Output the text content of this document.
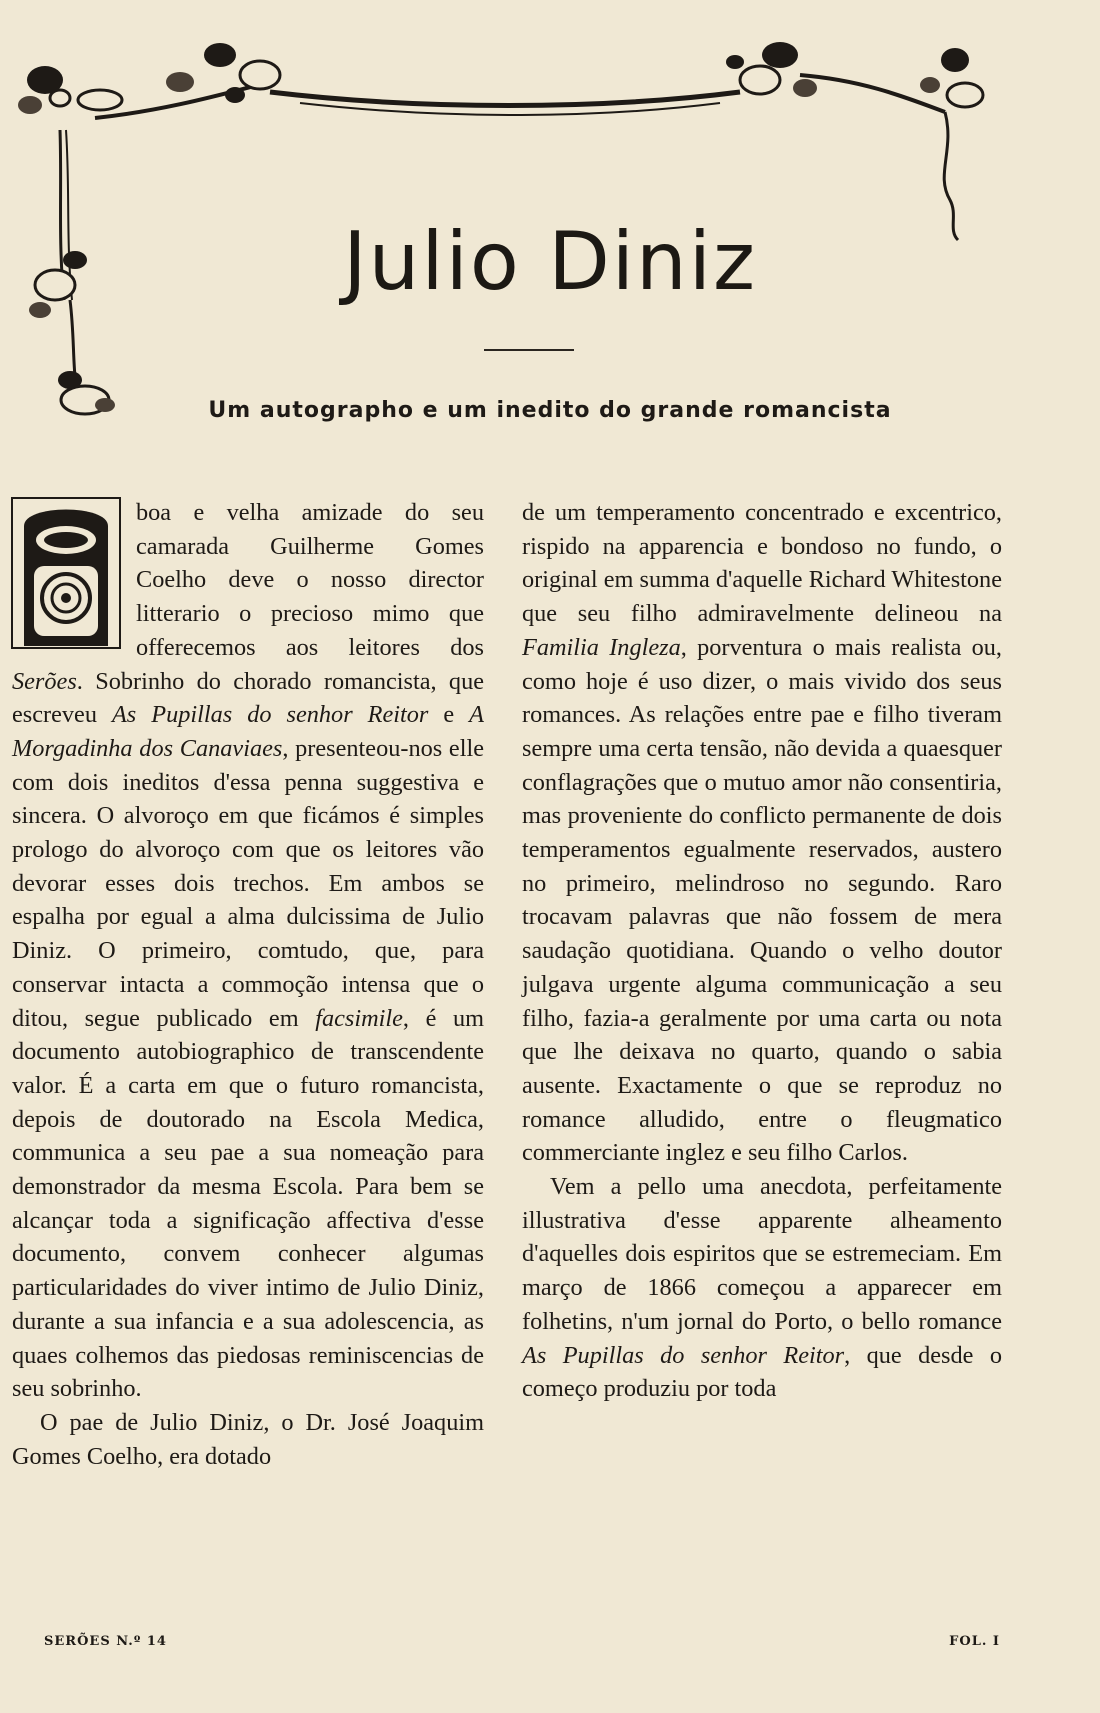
Julio Diniz
Um autographo e um inedito do grande romancista

boa e velha amizade do seu camarada Guilherme Gomes Coelho deve o nosso director litterario o precioso mimo que offerecemos aos leitores dos Serões. Sobrinho do chorado romancista, que escreveu As Pupillas do senhor Reitor e A Morgadinha dos Canaviaes, presenteou-nos elle com dois ineditos d'essa penna suggestiva e sincera. O alvoroço em que ficámos é simples prologo do alvoroço com que os leitores vão devorar esses dois trechos. Em ambos se espalha por egual a alma dulcissima de Julio Diniz. O primeiro, comtudo, que, para conservar intacta a commoção intensa que o ditou, segue publicado em facsimile, é um documento autobiographico de transcendente valor. É a carta em que o futuro romancista, depois de doutorado na Escola Medica, communica a seu pae a sua nomeação para demonstrador da mesma Escola. Para bem se alcançar toda a significação affectiva d'esse documento, convem conhecer algumas particularidades do viver intimo de Julio Diniz, durante a sua infancia e a sua adolescencia, as quaes colhemos das piedosas reminiscencias de seu sobrinho.

O pae de Julio Diniz, o Dr. José Joaquim Gomes Coelho, era dotado

de um temperamento concentrado e excentrico, rispido na apparencia e bondoso no fundo, o original em summa d'aquelle Richard Whitestone que seu filho admiravelmente delineou na Familia Ingleza, porventura o mais realista ou, como hoje é uso dizer, o mais vivido dos seus romances. As relações entre pae e filho tiveram sempre uma certa tensão, não devida a quaesquer conflagrações que o mutuo amor não consentiria, mas proveniente do conflicto permanente de dois temperamentos egualmente reservados, austero no primeiro, melindroso no segundo. Raro trocavam palavras que não fossem de mera saudação quotidiana. Quando o velho doutor julgava urgente alguma communicação a seu filho, fazia-a geralmente por uma carta ou nota que lhe deixava no quarto, quando o sabia ausente. Exactamente o que se reproduz no romance alludido, entre o fleugmatico commerciante inglez e seu filho Carlos.

Vem a pello uma anecdota, perfeitamente illustrativa d'esse apparente alheamento d'aquelles dois espiritos que se estremeciam. Em março de 1866 começou a apparecer em folhetins, n'um jornal do Porto, o bello romance As Pupillas do senhor Reitor, que desde o começo produziu por toda

SERÕES N.º 14	FOL. I
